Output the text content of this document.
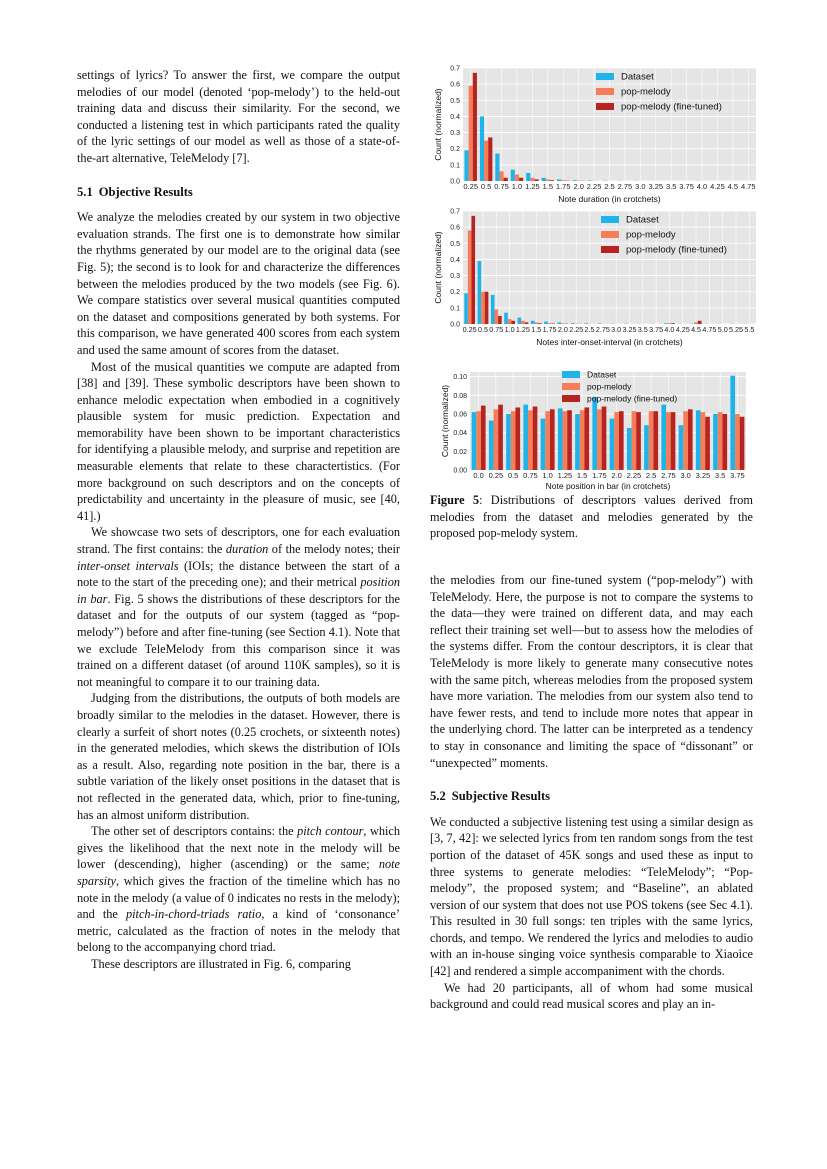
settings of lyrics? To answer the first, we compare the output melodies of our model (denoted ‘pop-melody’) to the held-out training data and discuss their similarity. For the second, we conducted a listening test in which participants rated the quality of the lyric settings of our model as well as those of a state-of-the-art alternative, TeleMelody [7].

5.1 Objective Results

We analyze the melodies created by our system in two objective evaluation strands. The first one is to demonstrate how similar the rhythms generated by our model are to the original data (see Fig. 5); the second is to look for and characterize the differences between the melodies produced by the two models (see Fig. 6). We compare statistics over several musical quantities computed on the dataset and compositions generated by both systems. For this comparison, we have generated 400 scores from each system and used the same amount of scores from the dataset.

Most of the musical quantities we compute are adapted from [38] and [39]. These symbolic descriptors have been shown to enhance melodic expectation when embodied in a cognitively plausible system for music prediction. Expectation and memorability have been shown to be important characteristics for identifying a plausible melody, and surprise and repetition are measurable elements that relate to these charactertistics. (For more background on such descriptors and on the concepts of predictability and uncertainty in the pleasure of music, see [40, 41].)

We showcase two sets of descriptors, one for each evaluation strand. The first contains: the duration of the melody notes; their inter-onset intervals (IOIs; the distance between the start of a note to the start of the preceding one); and their metrical position in bar. Fig. 5 shows the distributions of these descriptors for the dataset and for the outputs of our system (tagged as “pop-melody”) before and after fine-tuning (see Section 4.1). Note that we exclude TeleMelody from this comparison since it was trained on a different dataset (of around 110K samples), so it is not meaningful to compare it to our training data.

Judging from the distributions, the outputs of both models are broadly similar to the melodies in the dataset. However, there is clearly a surfeit of short notes (0.25 crochets, or sixteenth notes) in the generated melodies, which skews the distribution of IOIs as a result. Also, regarding note position in the bar, there is a subtle variation of the likely onset positions in the dataset that is not reflected in the generated data, which, prior to fine-tuning, has an almost uniform distribution.

The other set of descriptors contains: the pitch contour, which gives the likelihood that the next note in the melody will be lower (descending), higher (ascending) or the same; note sparsity, which gives the fraction of the timeline which has no note in the melody (a value of 0 indicates no rests in the melody); and the pitch-in-chord-triads ratio, a kind of ‘consonance’ metric, calculated as the fraction of notes in the melody that belong to the accompanying chord triad.

These descriptors are illustrated in Fig. 6, comparing

0.0
0.1
0.2
0.3
0.4
0.5
0.6
0.7
0.25 0.5 0.75 1.0 1.25 1.5 1.75 2.0 2.25 2.5 2.75 3.0 3.25 3.5 3.75 4.0 4.25 4.5 4.75
Note duration (in crotchets)
Count (normalized)
Dataset
pop-melody
pop-melody (fine-tuned)
0.0
0.1
0.2
0.3
0.4
0.5
0.6
0.7
0.25 0.5 0.75 1.0 1.25 1.5 1.75 2.0 2.25 2.5 2.75 3.0 3.25 3.5 3.75 4.0 4.25 4.5 4.75 5.0 5.25 5.5
Notes inter-onset-interval (in crotchets)
Count (normalized)
Dataset
pop-melody
pop-melody (fine-tuned)
0.00
0.02
0.04
0.06
0.08
0.10
0.0 0.25 0.5 0.75 1.0 1.25 1.5 1.75 2.0 2.25 2.5 2.75 3.0 3.25 3.5 3.75
Note position in bar (in crotchets)
Count (normalized)
Dataset
pop-melody
pop-melody (fine-tuned)
Figure 5: Distributions of descriptors values derived from melodies from the dataset and melodies generated by the proposed pop-melody system.

the melodies from our fine-tuned system (“pop-melody”) with TeleMelody. Here, the purpose is not to compare the systems to the data—they were trained on different data, and may each reflect their training set well—but to assess how the melodies of the systems differ. From the contour descriptors, it is clear that TeleMelody is more likely to generate many consecutive notes with the same pitch, whereas melodies from the proposed system have more variation. The melodies from our system also tend to have fewer rests, and tend to include more notes that appear in the underlying chord. The latter can be interpreted as a tendency to stay in consonance and limiting the space of “dissonant” or “unexpected” moments.

5.2 Subjective Results

We conducted a subjective listening test using a similar design as [3, 7, 42]: we selected lyrics from ten random songs from the test portion of the dataset of 45K songs and used these as input to three systems to generate melodies: “TeleMelody”; “Pop-melody”, the proposed system; and “Baseline”, an ablated version of our system that does not use POS tokens (see Sec 4.1). This resulted in 30 full songs: ten triples with the same lyrics, chords, and tempo. We rendered the lyrics and melodies to audio with an in-house singing voice synthesis comparable to Xiaoice [42] and rendered a simple accompaniment with the chords.

We had 20 participants, all of whom had some musical background and could read musical scores and play an in-
